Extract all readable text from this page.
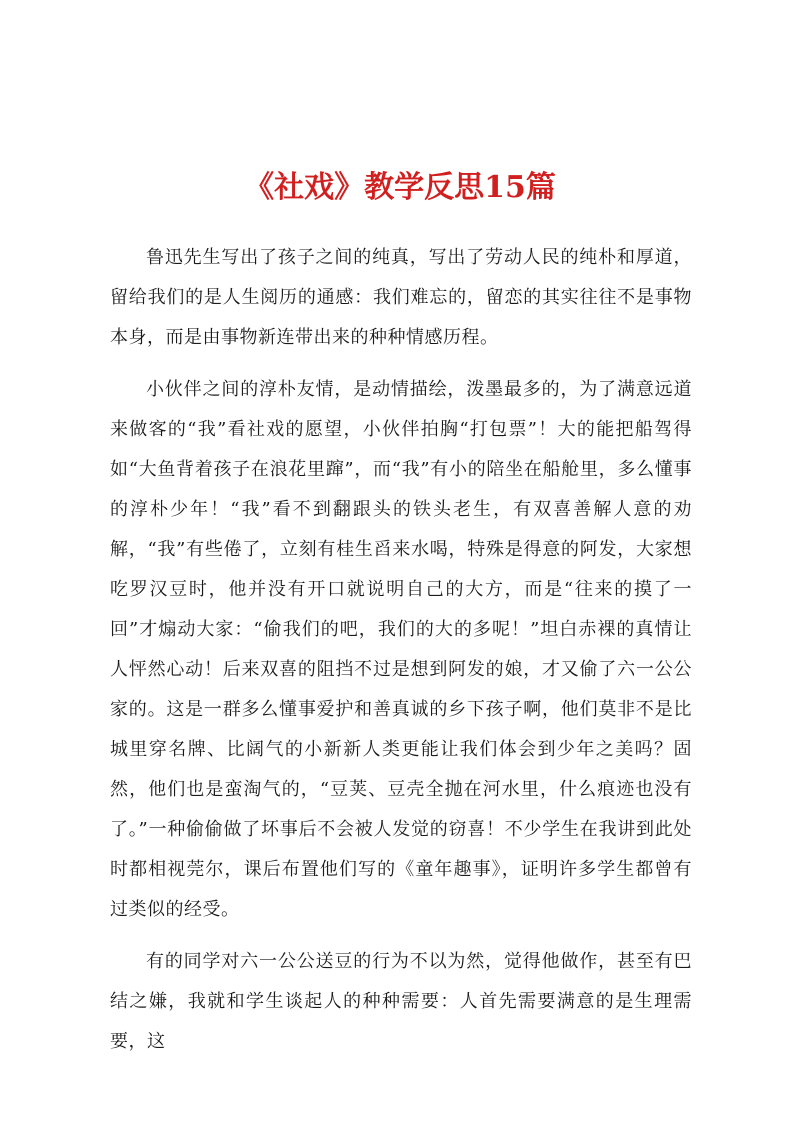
《社戏》教学反思15篇

鲁迅先生写出了孩子之间的纯真，写出了劳动人民的纯朴和厚道，留给我们的是人生阅历的通感：我们难忘的，留恋的其实往往不是事物本身，而是由事物新连带出来的种种情感历程。

小伙伴之间的淳朴友情，是动情描绘，泼墨最多的，为了满意远道来做客的“我”看社戏的愿望，小伙伴拍胸“打包票”！大的能把船驾得如“大鱼背着孩子在浪花里蹿”，而“我”有小的陪坐在船舱里，多么懂事的淳朴少年！“我”看不到翻跟头的铁头老生，有双喜善解人意的劝解，“我”有些倦了，立刻有桂生舀来水喝，特殊是得意的阿发，大家想吃罗汉豆时，他并没有开口就说明自己的大方，而是“往来的摸了一回”才煽动大家：“偷我们的吧，我们的大的多呢！”坦白赤裸的真情让人怦然心动！后来双喜的阻挡不过是想到阿发的娘，才又偷了六一公公家的。这是一群多么懂事爱护和善真诚的乡下孩子啊，他们莫非不是比城里穿名牌、比阔气的小新新人类更能让我们体会到少年之美吗？固然，他们也是蛮淘气的，“豆荚、豆壳全抛在河水里，什么痕迹也没有了。”一种偷偷做了坏事后不会被人发觉的窃喜！不少学生在我讲到此处时都相视莞尔，课后布置他们写的《童年趣事》，证明许多学生都曾有过类似的经受。

有的同学对六一公公送豆的行为不以为然，觉得他做作，甚至有巴结之嫌，我就和学生谈起人的种种需要：人首先需要满意的是生理需要，这
